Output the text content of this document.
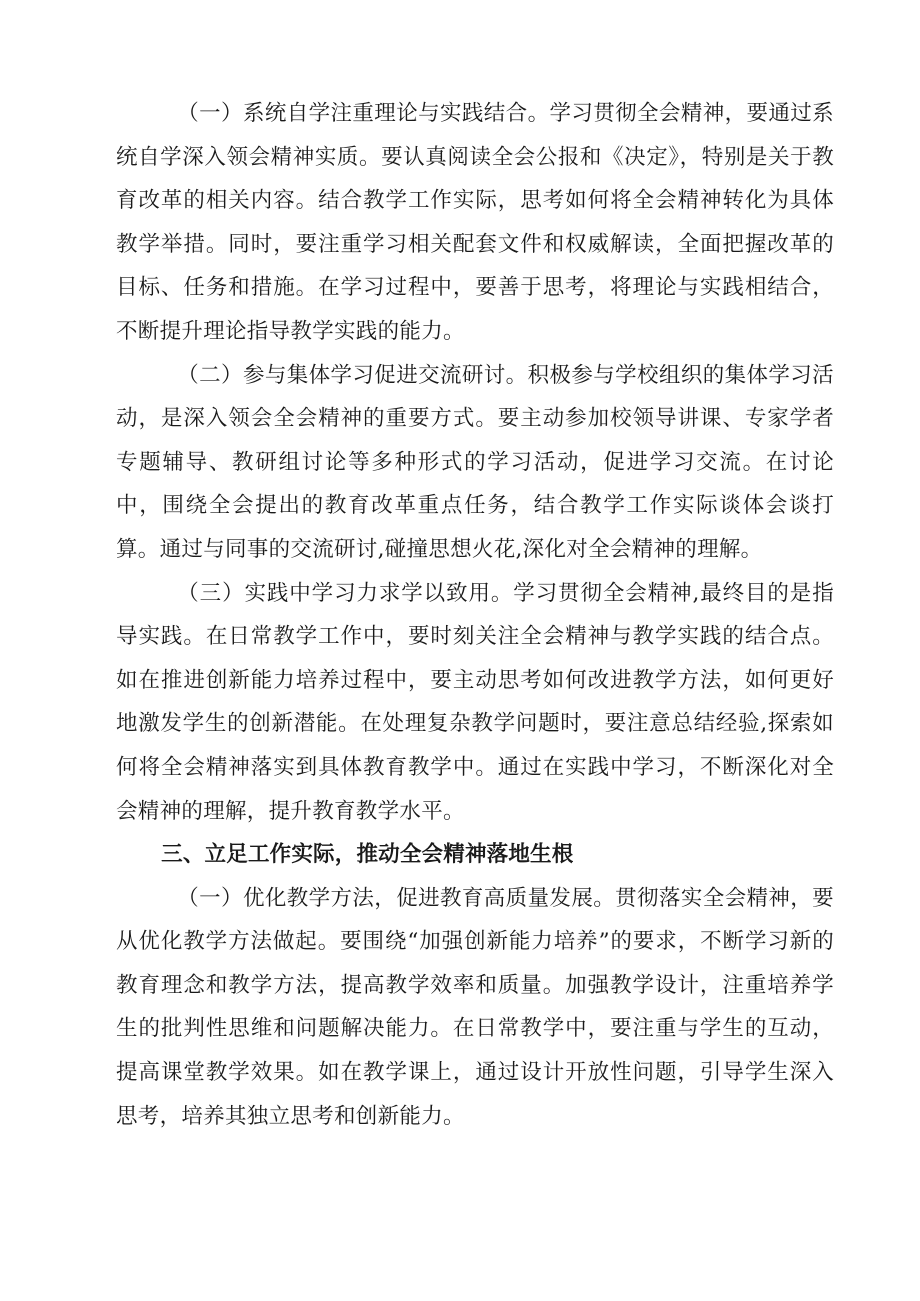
（一）系统自学注重理论与实践结合。学习贯彻全会精神，要通过系统自学深入领会精神实质。要认真阅读全会公报和《决定》，特别是关于教育改革的相关内容。结合教学工作实际，思考如何将全会精神转化为具体教学举措。同时，要注重学习相关配套文件和权威解读，全面把握改革的目标、任务和措施。在学习过程中，要善于思考，将理论与实践相结合，不断提升理论指导教学实践的能力。

（二）参与集体学习促进交流研讨。积极参与学校组织的集体学习活动，是深入领会全会精神的重要方式。要主动参加校领导讲课、专家学者专题辅导、教研组讨论等多种形式的学习活动，促进学习交流。在讨论中，围绕全会提出的教育改革重点任务，结合教学工作实际谈体会谈打算。通过与同事的交流研讨,碰撞思想火花,深化对全会精神的理解。

（三）实践中学习力求学以致用。学习贯彻全会精神,最终目的是指导实践。在日常教学工作中，要时刻关注全会精神与教学实践的结合点。如在推进创新能力培养过程中，要主动思考如何改进教学方法，如何更好地激发学生的创新潜能。在处理复杂教学问题时，要注意总结经验,探索如何将全会精神落实到具体教育教学中。通过在实践中学习，不断深化对全会精神的理解，提升教育教学水平。

三、立足工作实际，推动全会精神落地生根

（一）优化教学方法，促进教育高质量发展。贯彻落实全会精神，要从优化教学方法做起。要围绕“加强创新能力培养”的要求，不断学习新的教育理念和教学方法，提高教学效率和质量。加强教学设计，注重培养学生的批判性思维和问题解决能力。在日常教学中，要注重与学生的互动，提高课堂教学效果。如在教学课上，通过设计开放性问题，引导学生深入思考，培养其独立思考和创新能力。
